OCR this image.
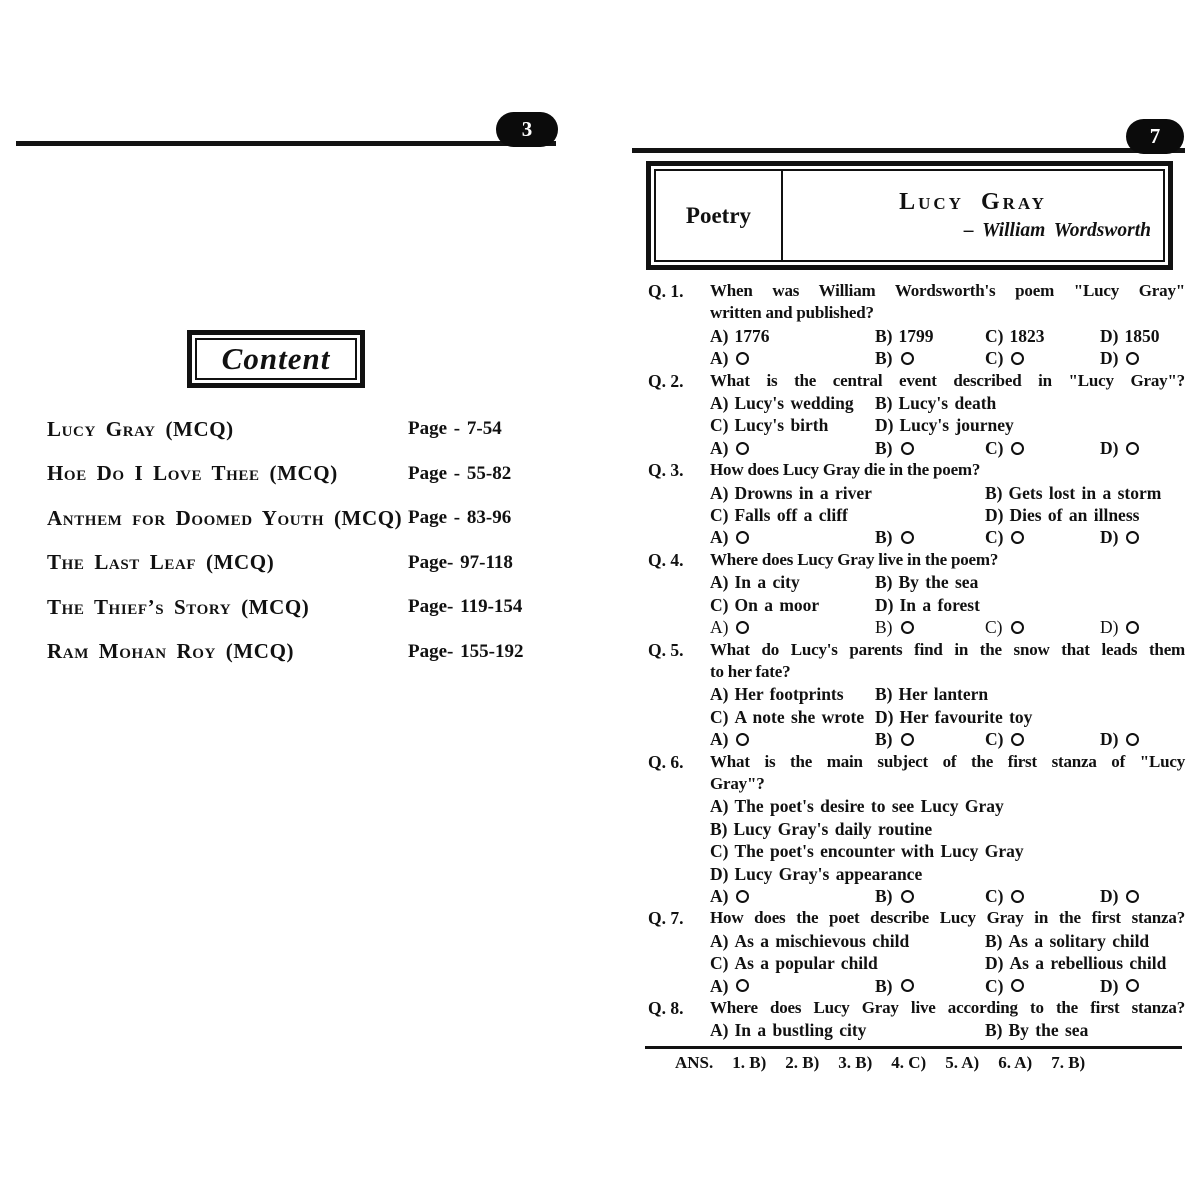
3
Content
Lucy Gray (MCQ)	Page - 7-54
Hoe Do I Love Thee (MCQ)	Page - 55-82
Anthem for Doomed Youth (MCQ) Page - 83-96
The Last Leaf (MCQ)	Page- 97-118
The Thief’s Story (MCQ)	Page- 119-154
Ram Mohan Roy (MCQ)	Page- 155-192
7
Poetry	Lucy Gray
– William Wordsworth
Q. 1.	When was William Wordsworth's poem "Lucy Gray"
written and published?
A) 1776	B) 1799	C) 1823	D) 1850
A)	B)	C)	D)
Q. 2.	What is the central event described in "Lucy Gray"?
A) Lucy's wedding	B) Lucy's death
C) Lucy's birth	D) Lucy's journey
A)	B)	C)	D)
Q. 3.	How does Lucy Gray die in the poem?
A) Drowns in a river	B) Gets lost in a storm
C) Falls off a cliff	D) Dies of an illness
A)	B)	C)	D)
Q. 4.	Where does Lucy Gray live in the poem?
A) In a city	B) By the sea
C) On a moor	D) In a forest
A)	B)	C)	D)
Q. 5.	What do Lucy's parents find in the snow that leads them
to her fate?
A) Her footprints	B) Her lantern
C) A note she wrote D) Her favourite toy
A)	B)	C)	D)
Q. 6.	What is the main subject of the first stanza of "Lucy
Gray"?
A) The poet's desire to see Lucy Gray
B) Lucy Gray's daily routine
C) The poet's encounter with Lucy Gray
D) Lucy Gray's appearance
A)	B)	C)	D)
Q. 7.	How does the poet describe Lucy Gray in the first stanza?
A) As a mischievous child	B) As a solitary child
C) As a popular child	D) As a rebellious child
A)	B)	C)	D)
Q. 8.	Where does Lucy Gray live according to the first stanza?
A) In a bustling city	B) By the sea
ANS. 1. B) 2. B) 3. B) 4. C) 5. A) 6. A) 7. B)
